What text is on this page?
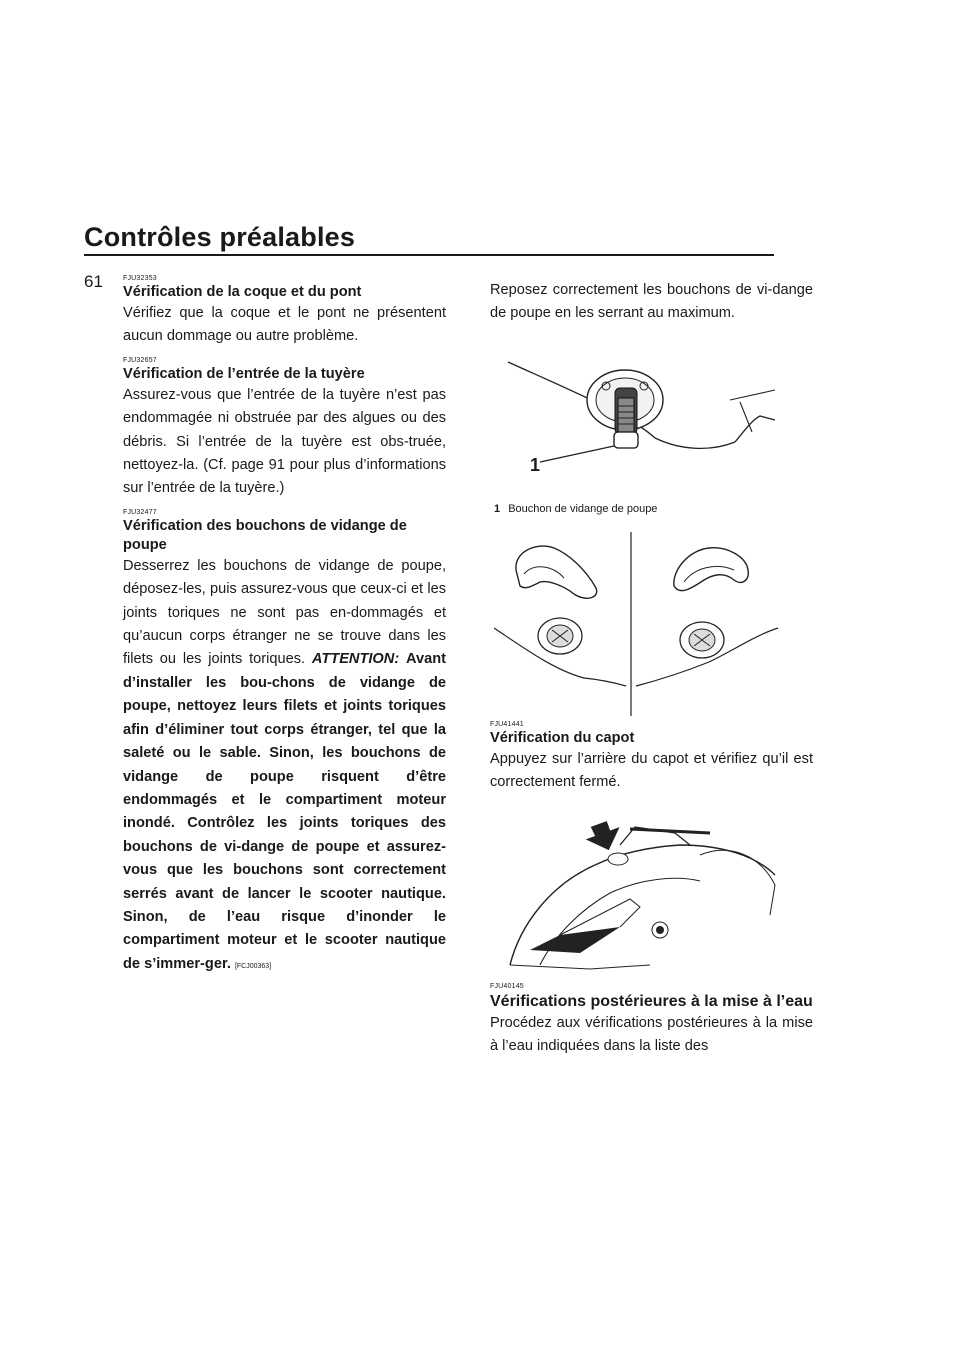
Contrôles préalables
61	FJU32353

Vérification de la coque et du pont

Vérifiez que la coque et le pont ne présentent aucun dommage ou autre problème.

FJU32657

Vérification de l’entrée de la tuyère

Assurez-vous que l’entrée de la tuyère n’est pas endommagée ni obstruée par des algues ou des débris. Si l’entrée de la tuyère est obs-truée, nettoyez-la. (Cf. page 91 pour plus d’informations sur l’entrée de la tuyère.)

FJU32477

Vérification des bouchons de vidange de poupe

Desserrez les bouchons de vidange de poupe, déposez-les, puis assurez-vous que ceux-ci et les joints toriques ne sont pas en-dommagés et qu’aucun corps étranger ne se trouve dans les filets ou les joints toriques. ATTENTION: Avant d’installer les bou-chons de vidange de poupe, nettoyez leurs filets et joints toriques afin d’éliminer tout corps étranger, tel que la saleté ou le sable. Sinon, les bouchons de vidange de poupe risquent d’être endommagés et le compartiment moteur inondé. Contrôlez les joints toriques des bouchons de vi-dange de poupe et assurez-vous que les bouchons sont correctement serrés avant de lancer le scooter nautique. Sinon, de l’eau risque d’inonder le compartiment moteur et le scooter nautique de s’immer-ger. [FCJ00363]

Reposez correctement les bouchons de vi-dange de poupe en les serrant au maximum.

1
1 Bouchon de vidange de poupe

FJU41441

Vérification du capot

Appuyez sur l’arrière du capot et vérifiez qu’il est correctement fermé.

FJU40145

Vérifications postérieures à la mise à l’eau

Procédez aux vérifications postérieures à la mise à l’eau indiquées dans la liste des
